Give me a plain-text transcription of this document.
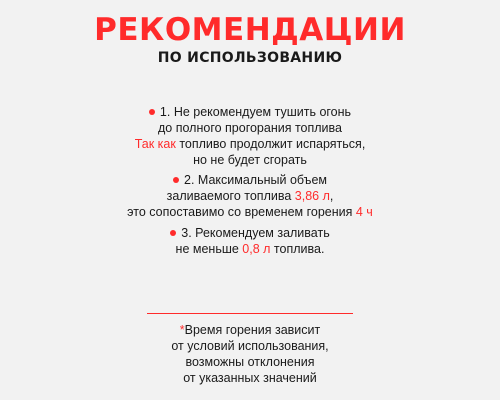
РЕКОМЕНДАЦИИ
ПО ИСПОЛЬЗОВАНИЮ
1. Не рекомендуем тушить огонь
до полного прогорания топлива
Так как топливо продолжит испаряться,
но не будет сгорать
2. Максимальный объем
заливаемого топлива 3,86 л,
это сопоставимо со временем горения 4 ч
3. Рекомендуем заливать
не меньше 0,8 л топлива.
*Время горения зависит
от условий использования,
возможны отклонения
от указанных значений
